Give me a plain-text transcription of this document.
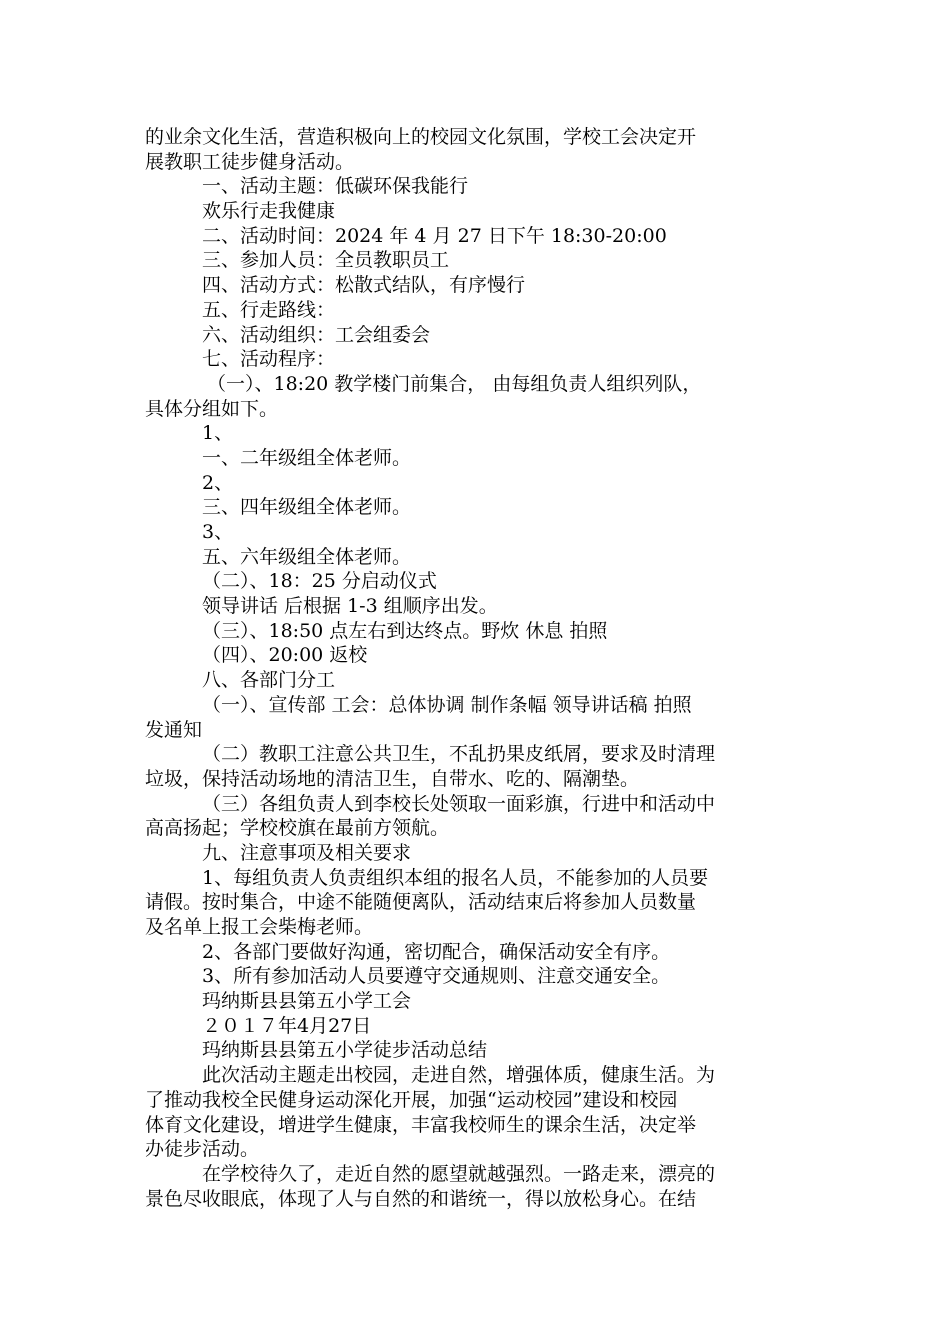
的业余文化生活，营造积极向上的校园文化氛围，学校工会决定开
展教职工徒步健身活动。
一、活动主题：低碳环保我能行
欢乐行走我健康
二、活动时间：2024 年 4 月 27 日下午 18:30-20:00
三、参加人员：全员教职员工
四、活动方式：松散式结队，有序慢行
五、行走路线：
六、活动组织：工会组委会
七、活动程序：
（一）、18:20 教学楼门前集合， 由每组负责人组织列队，
具体分组如下。
1、
一、二年级组全体老师。
2、
三、四年级组全体老师。
3、
五、六年级组全体老师。
（二）、18：25 分启动仪式
领导讲话 后根据 1-3 组顺序出发。
（三）、18:50 点左右到达终点。野炊 休息 拍照
（四）、20:00 返校
八、各部门分工
（一）、宣传部 工会：总体协调 制作条幅 领导讲话稿 拍照
发通知
（二）教职工注意公共卫生，不乱扔果皮纸屑，要求及时清理
垃圾，保持活动场地的清洁卫生，自带水、吃的、隔潮垫。
（三）各组负责人到李校长处领取一面彩旗，行进中和活动中
高高扬起；学校校旗在最前方领航。
九、注意事项及相关要求
1、每组负责人负责组织本组的报名人员，不能参加的人员要
请假。按时集合，中途不能随便离队，活动结束后将参加人员数量
及名单上报工会柴梅老师。
2、各部门要做好沟通，密切配合，确保活动安全有序。
3、所有参加活动人员要遵守交通规则、注意交通安全。
玛纳斯县县第五小学工会
２０１７年4月27日
玛纳斯县县第五小学徒步活动总结
此次活动主题走出校园，走进自然，增强体质，健康生活。为
了推动我校全民健身运动深化开展，加强“运动校园”建设和校园
体育文化建设，增进学生健康，丰富我校师生的课余生活，决定举
办徒步活动。
在学校待久了，走近自然的愿望就越强烈。一路走来，漂亮的
景色尽收眼底，体现了人与自然的和谐统一，得以放松身心。在结
